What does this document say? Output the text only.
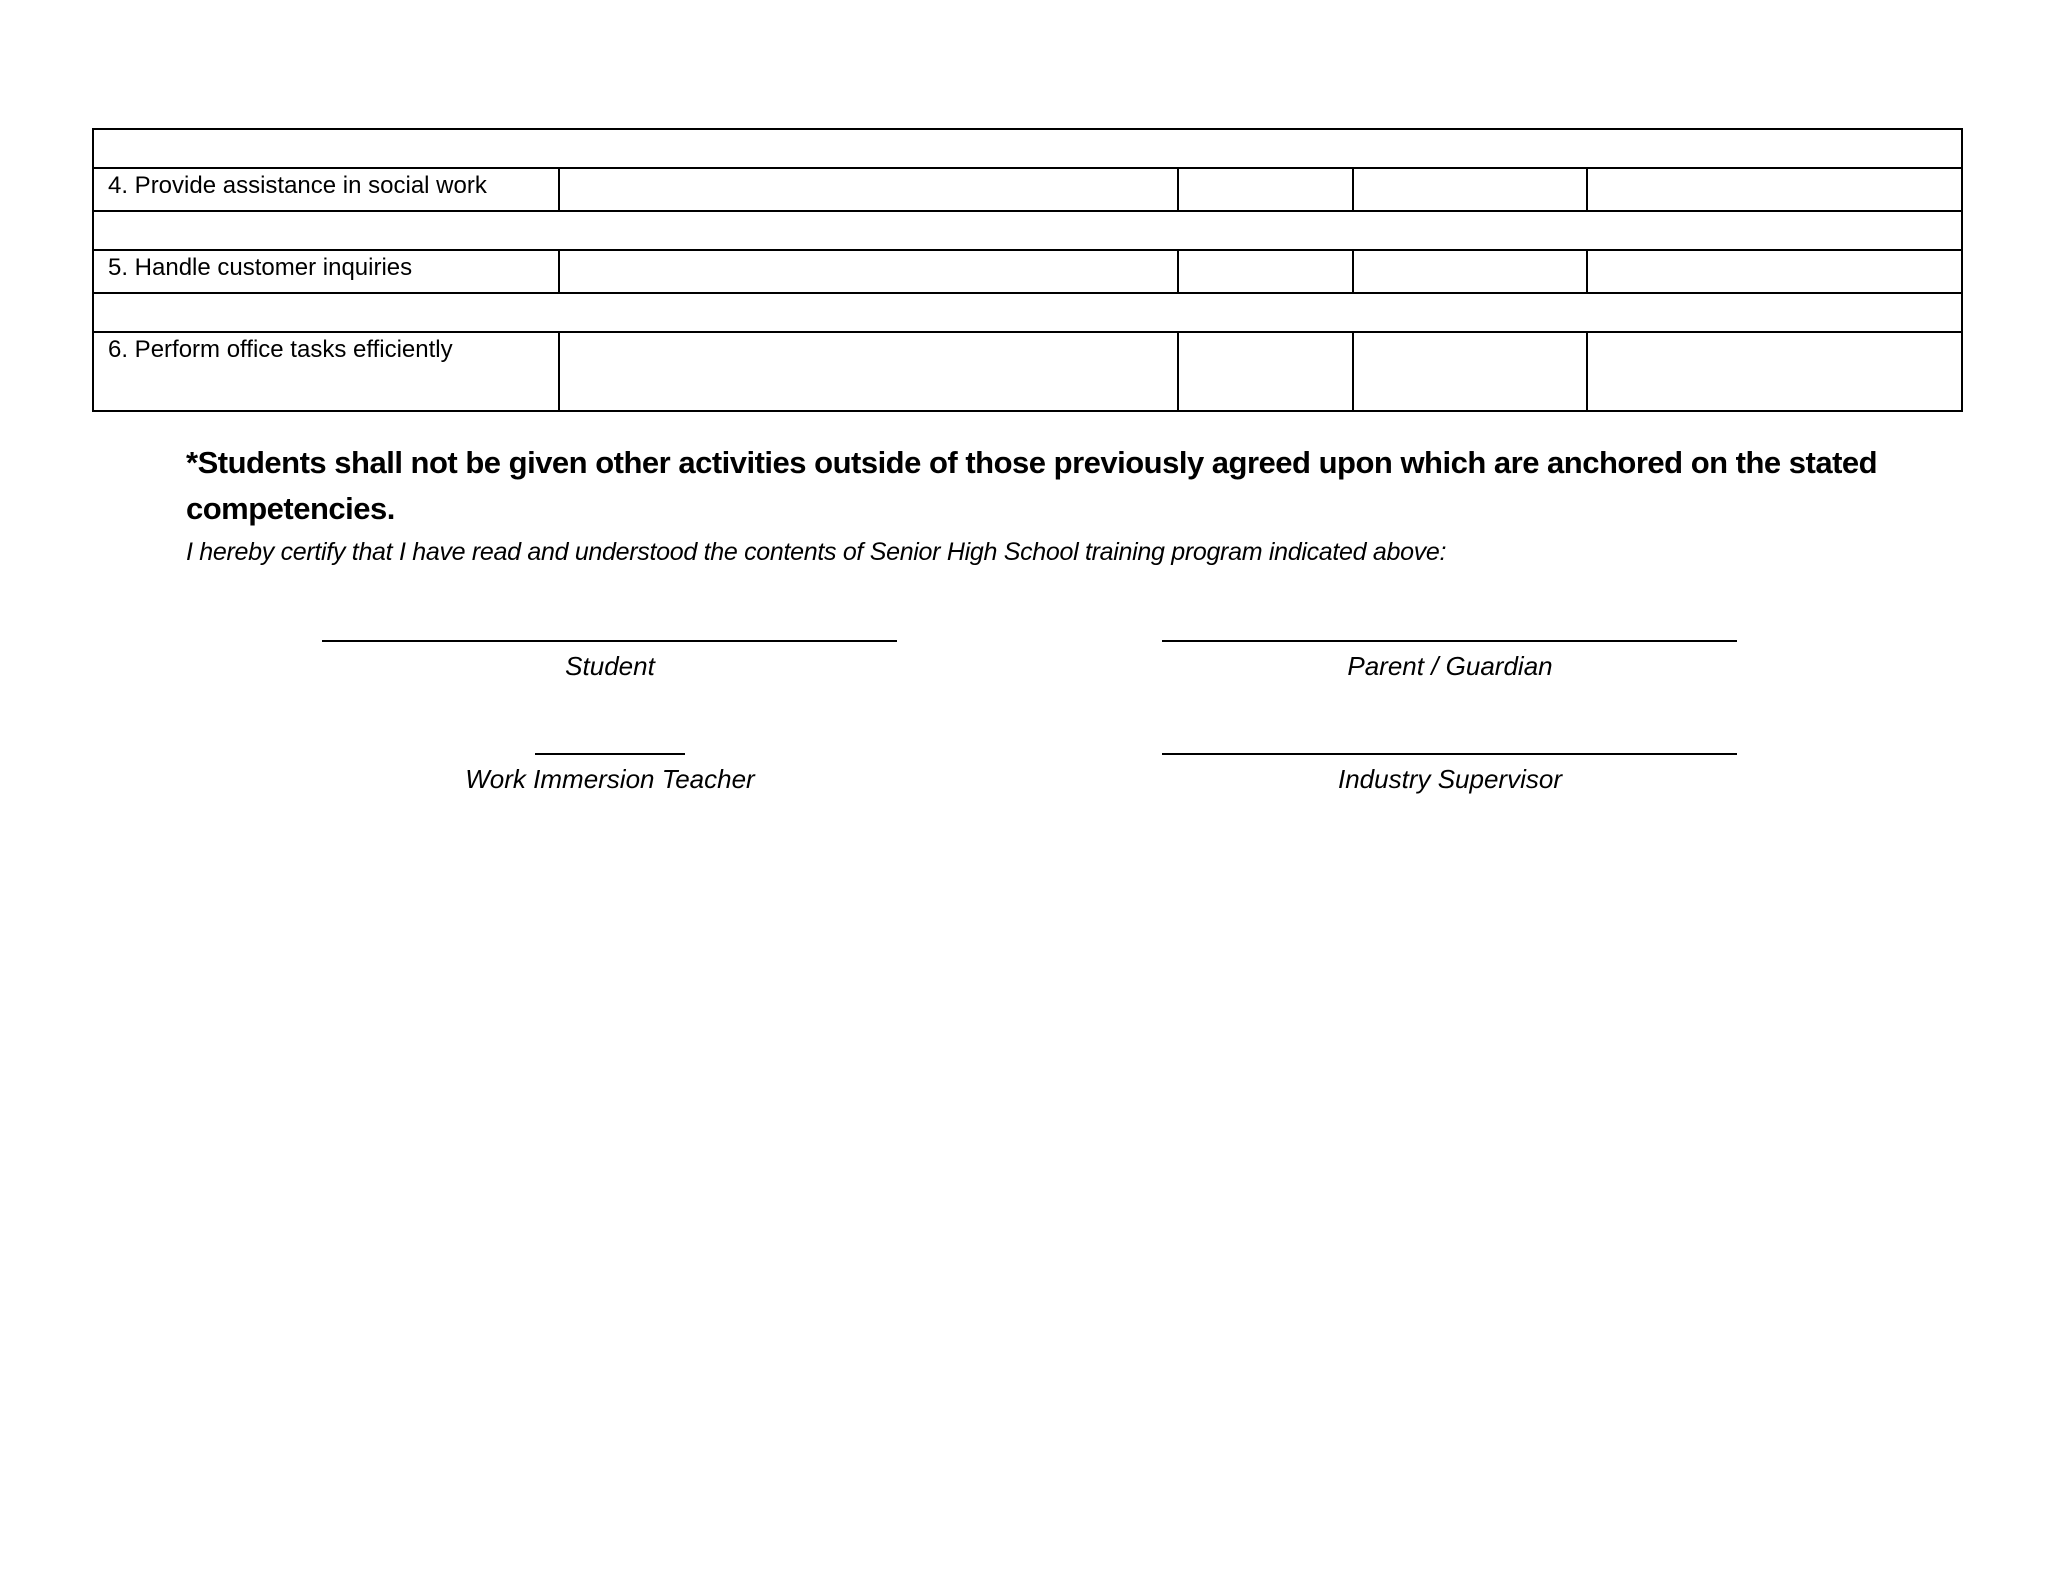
4. Provide assistance in social work				

5. Handle customer inquiries				

6. Perform office tasks efficiently				
*Students shall not be given other activities outside of those previously agreed upon which are anchored on the stated competencies.
I hereby certify that I have read and understood the contents of Senior High School training program indicated above:
Student	Parent / Guardian
Work Immersion Teacher	Industry Supervisor
